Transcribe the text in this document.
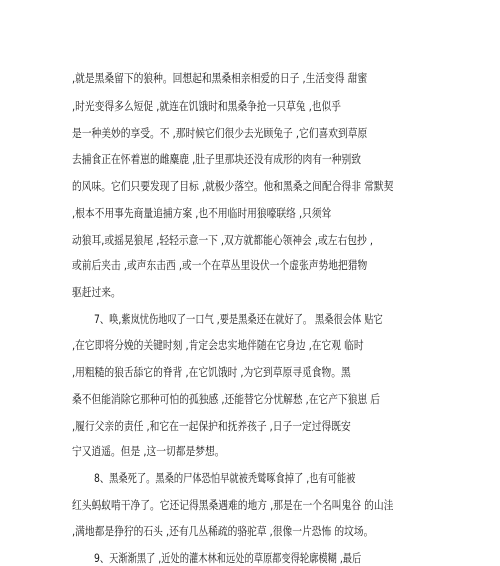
,就是黑桑留下的狼种。回想起和黑桑相亲相爱的日子 ,生活变得 甜蜜
,时光变得多么短促 ,就连在饥饿时和黑桑争抢一只草兔 ,也似乎
是一种美妙的享受。不 ,那时候它们很少去光顾兔子 ,它们喜欢到草原
去捕食正在怀着崽的雌麋鹿 ,肚子里那块还没有成形的肉有一种别致
的风味。它们只要发现了目标 ,就极少落空。他和黑桑之间配合得非 常默契
,根本不用事先商量追捕方案 ,也不用临时用狼嚎联络 ,只须耸
动狼耳,或摇晃狼尾 ,轻轻示意一下 ,双方就都能心领神会 ,或左右包抄 ,
或前后夹击 ,或声东击西 ,或一个在草丛里设伏一个虚张声势地把猎物
驱赶过来。
7、唤,紫岚忧伤地叹了一口气 ,要是黑桑还在就好了。 黑桑很会体 贴它
,在它即将分娩的关键时刻 ,肯定会忠实地伴随在它身边 ,在它观 临时
,用粗糙的狼舌舔它的脊背 ,在它饥饿时 ,为它到草原寻觅食物。黑
桑不但能消除它那种可怕的孤独感 ,还能替它分忧解愁 ,在它产下狼崽 后
,履行父亲的责任 ,和它在一起保护和抚养孩子 ,日子一定过得既安
宁又逍遥。但是 ,这一切都是梦想。
8、黑桑死了。黑桑的尸体恐怕早就被秃鹫啄食掉了 ,也有可能被
红头蚂蚁啃干净了。它还记得黑桑遇难的地方 ,那是在一个名叫鬼谷 的山洼
,满地都是狰狞的石头 ,还有几丛稀疏的骆驼草 ,很像一片恐怖 的坟场。
9、天渐渐黑了 ,近处的灌木林和远处的草原都变得轮廓模糊 ,最后
